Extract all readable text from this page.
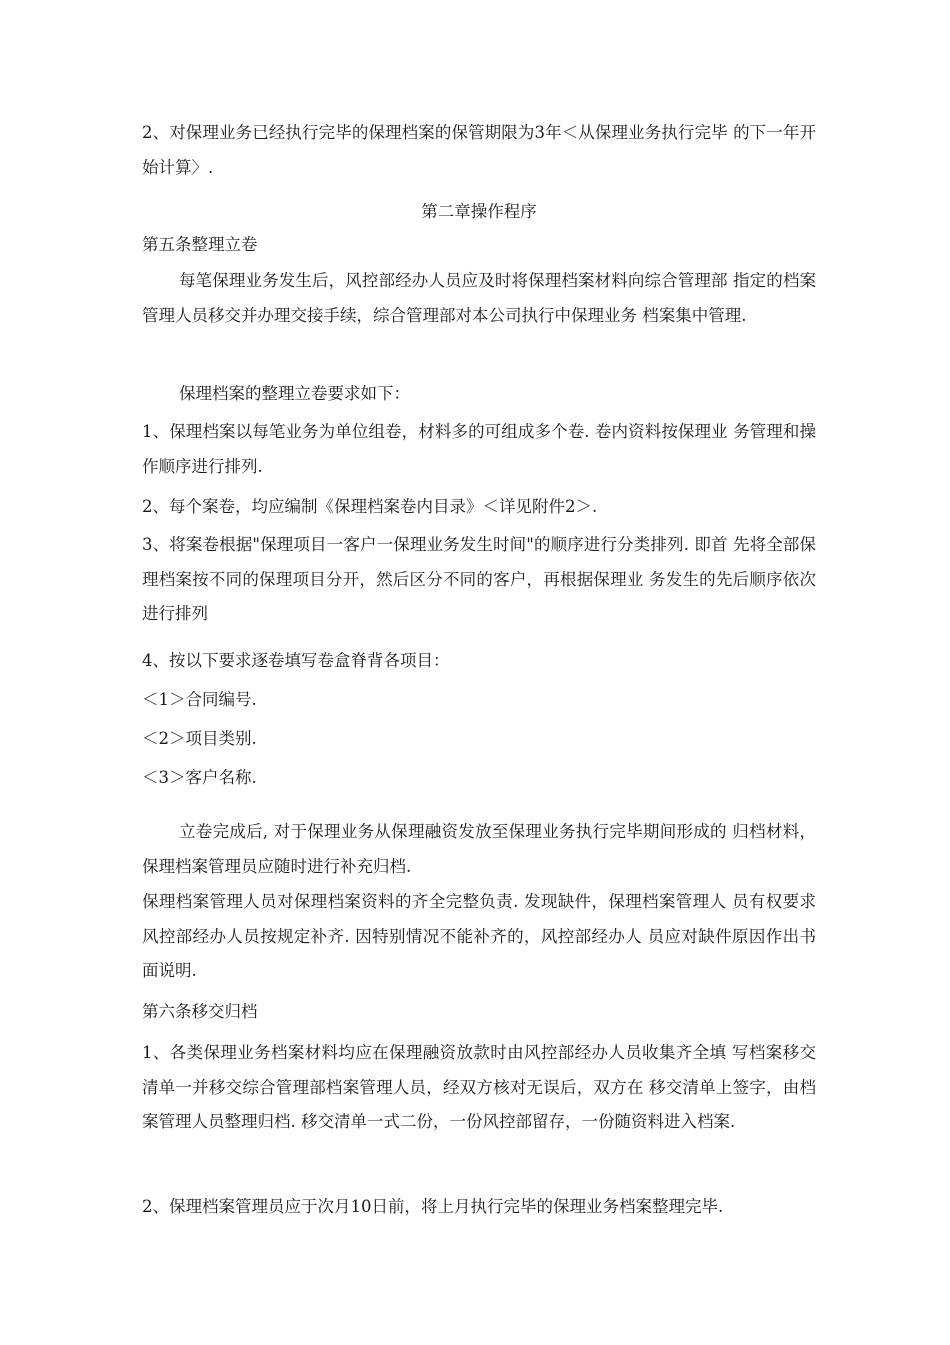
2、对保理业务已经执行完毕的保理档案的保管期限为3年＜从保理业务执行完毕 的下一年开始计算〉.

第二章操作程序

第五条整理立卷

每笔保理业务发生后，风控部经办人员应及时将保理档案材料向综合管理部 指定的档案管理人员移交并办理交接手续，综合管理部对本公司执行中保理业务 档案集中管理.

保理档案的整理立卷要求如下：

1、保理档案以每笔业务为单位组卷，材料多的可组成多个卷. 卷内资料按保理业 务管理和操作顺序进行排列.

2、每个案卷，均应编制《保理档案卷内目录》＜详见附件2＞.

3、将案卷根据"保理项目一客户一保理业务发生时间"的顺序进行分类排列. 即首 先将全部保理档案按不同的保理项目分开，然后区分不同的客户，再根据保理业 务发生的先后顺序依次进行排列

4、按以下要求逐卷填写卷盒脊背各项目：

＜1＞合同编号.

＜2＞项目类别.

＜3＞客户名称.

立卷完成后, 对于保理业务从保理融资发放至保理业务执行完毕期间形成的 归档材料，保理档案管理员应随时进行补充归档.

保理档案管理人员对保理档案资料的齐全完整负责. 发现缺件，保理档案管理人 员有权要求风控部经办人员按规定补齐. 因特别情况不能补齐的，风控部经办人 员应对缺件原因作出书面说明.

第六条移交归档

1、各类保理业务档案材料均应在保理融资放款时由风控部经办人员收集齐全填 写档案移交清单一并移交综合管理部档案管理人员，经双方核对无误后，双方在 移交清单上签字，由档案管理人员整理归档. 移交清单一式二份，一份风控部留存，一份随资料进入档案.

2、保理档案管理员应于次月10日前，将上月执行完毕的保理业务档案整理完毕.
